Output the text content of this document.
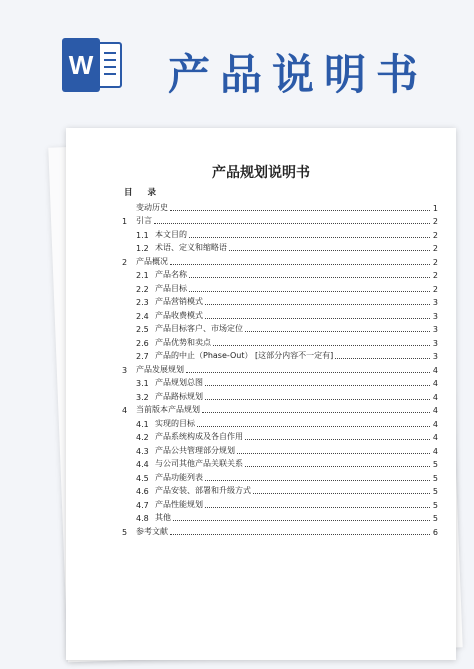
W 产品说明书
产品规划说明书
目 录
变动历史	1
1	引言	2
1.1 本文目的	2
1.2 术语、定义和缩略语	2
2	产品概况	2
2.1 产品名称	2
2.2 产品目标	2
2.3 产品营销模式	3
2.4 产品收费模式	3
2.5 产品目标客户、市场定位	3
2.6 产品优势和卖点	3
2.7 产品的中止（Phase-Out） [这部分内容不一定有]	3
3	产品发展规划	4
3.1 产品规划总图	4
3.2 产品路标规划	4
4	当前版本产品规划	4
4.1 实现的目标	4
4.2 产品系统构成及各自作用	4
4.3 产品公共管理部分规划	4
4.4 与公司其他产品关联关系	5
4.5 产品功能列表	5
4.6 产品安装、部署和升级方式	5
4.7 产品性能规划	5
4.8 其他	5
5	参考文献	6
